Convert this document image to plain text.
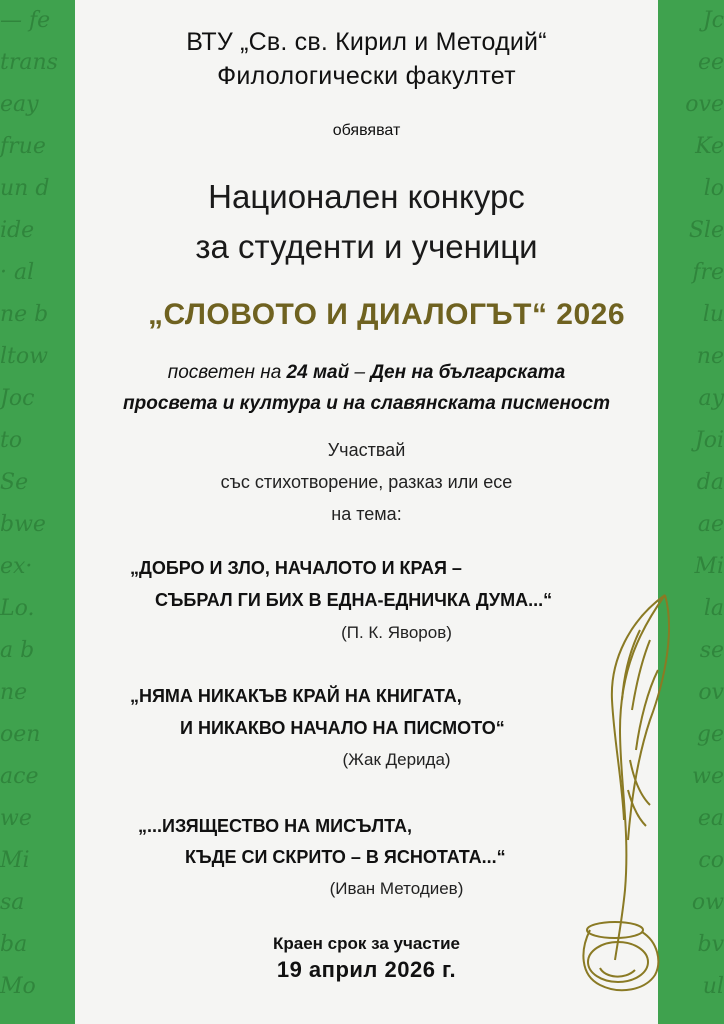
— fe
trans
eay
frue
un d
ide
· al
ne b
ltow
Joc
to
Se
bwe
ex·
Lo.
a b
ne
oen
ace
we
Mi
sa
ba
Mo
Jc
ee
ove
Ke
lo
Sle
fre
lu
ne
ay
Joi
da
ae
Mi
la
se
ov
ge
we
ea
co
ow
bv
ul
ВТУ „Св. св. Кирил и Методий“
Филологически факултет
обявяват
Национален конкурс
за студенти и ученици
„СЛОВОТО И ДИАЛОГЪТ“ 2026
посветен на 24 май – Ден на българската
просвета и култура и на славянската писменост
Участвай
със стихотворение, разказ или есе
на тема:
„ДОБРО И ЗЛО, НАЧАЛОТО И КРАЯ –
СЪБРАЛ ГИ БИХ В ЕДНА-ЕДНИЧКА ДУМА...“
(П. К. Яворов)
„НЯМА НИКАКЪВ КРАЙ НА КНИГАТА,
И НИКАКВО НАЧАЛО НА ПИСМОТО“
(Жак Дерида)
„...ИЗЯЩЕСТВО НА МИСЪЛТА,
КЪДЕ СИ СКРИТО – В ЯСНОТАТА...“
(Иван Методиев)
Краен срок за участие
19 април 2026 г.
